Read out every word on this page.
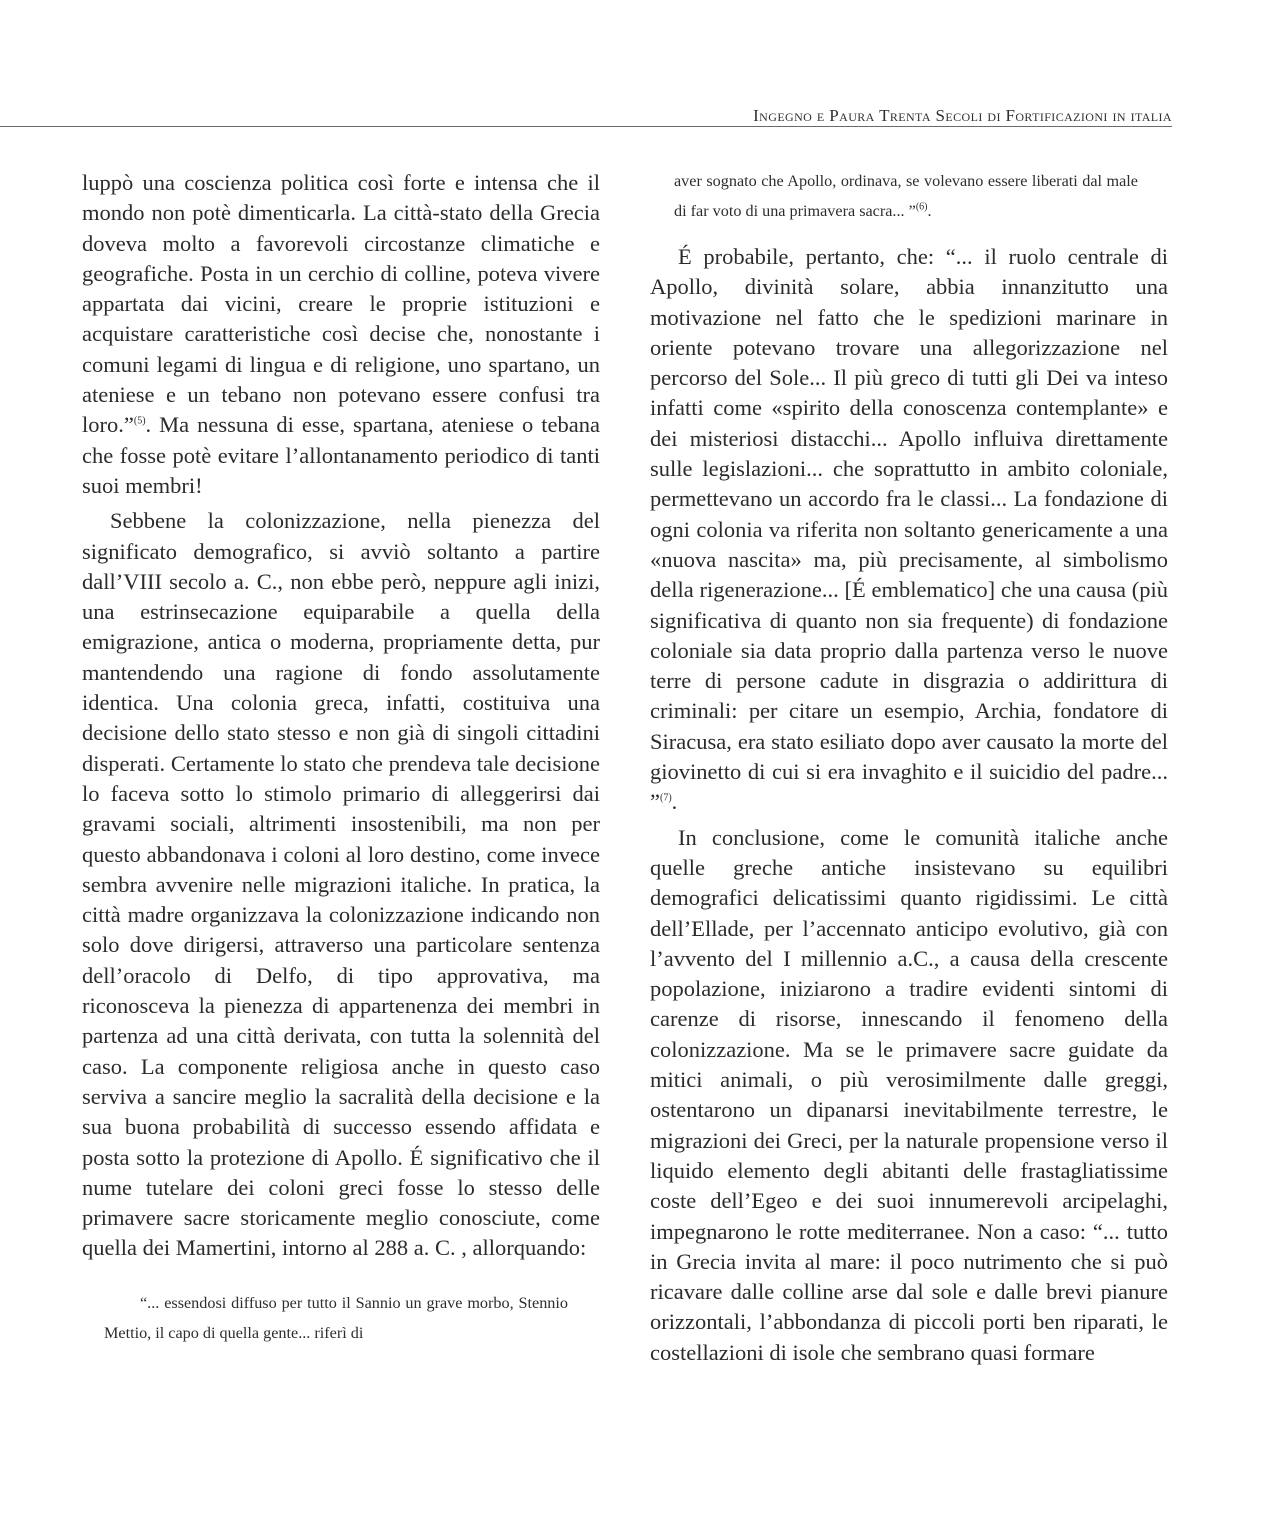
Ingegno e Paura Trenta Secoli di Fortificazioni in italia

luppò una coscienza politica così forte e intensa che il mondo non potè dimenticarla. La città-stato della Grecia doveva molto a favorevoli circostanze climatiche e geografiche. Posta in un cerchio di colline, poteva vivere appartata dai vicini, creare le proprie istituzioni e acquistare caratteristiche così decise che, nonostante i comuni legami di lingua e di religione, uno spartano, un ateniese e un tebano non potevano essere confusi tra loro.”$^{(5)}$. Ma nessuna di esse, spartana, ateniese o tebana che fosse potè evitare l’allontanamento periodico di tanti suoi membri!

Sebbene la colonizzazione, nella pienezza del significato demografico, si avviò soltanto a partire dall’VIII secolo a. C., non ebbe però, neppure agli inizi, una estrinsecazione equiparabile a quella della emigrazione, antica o moderna, propriamente detta, pur mantendendo una ragione di fondo assolutamente identica. Una colonia greca, infatti, costituiva una decisione dello stato stesso e non già di singoli cittadini disperati. Certamente lo stato che prendeva tale decisione lo faceva sotto lo stimolo primario di alleggerirsi dai gravami sociali, altrimenti insostenibili, ma non per questo abbandonava i coloni al loro destino, come invece sembra avvenire nelle migrazioni italiche. In pratica, la città madre organizzava la colonizzazione indicando non solo dove dirigersi, attraverso una particolare sentenza dell’oracolo di Delfo, di tipo approvativa, ma riconosceva la pienezza di appartenenza dei membri in partenza ad una città derivata, con tutta la solennità del caso. La componente religiosa anche in questo caso serviva a sancire meglio la sacralità della decisione e la sua buona probabilità di successo essendo affidata e posta sotto la protezione di Apollo. É significativo che il nume tutelare dei coloni greci fosse lo stesso delle primavere sacre storicamente meglio conosciute, come quella dei Mamertini, intorno al 288 a. C. , allorquando:

“... essendosi diffuso per tutto il Sannio un grave morbo, Stennio Mettio, il capo di quella gente... riferì di

aver sognato che Apollo, ordinava, se volevano essere liberati dal male di far voto di una primavera sacra... ”$^{(6)}$.

É probabile, pertanto, che: “... il ruolo centrale di Apollo, divinità solare, abbia innanzitutto una motivazione nel fatto che le spedizioni marinare in oriente potevano trovare una allegorizzazione nel percorso del Sole... Il più greco di tutti gli Dei va inteso infatti come «spirito della conoscenza contemplante» e dei misteriosi distacchi... Apollo influiva direttamente sulle legislazioni... che soprattutto in ambito coloniale, permettevano un accordo fra le classi... La fondazione di ogni colonia va riferita non soltanto genericamente a una «nuova nascita» ma, più precisamente, al simbolismo della rigenerazione... [É emblematico] che una causa (più significativa di quanto non sia frequente) di fondazione coloniale sia data proprio dalla partenza verso le nuove terre di persone cadute in disgrazia o addirittura di criminali: per citare un esempio, Archia, fondatore di Siracusa, era stato esiliato dopo aver causato la morte del giovinetto di cui si era invaghito e il suicidio del padre... ”$^{(7)}$.

In conclusione, come le comunità italiche anche quelle greche antiche insistevano su equilibri demografici delicatissimi quanto rigidissimi. Le città dell’Ellade, per l’accennato anticipo evolutivo, già con l’avvento del I millennio a.C., a causa della crescente popolazione, iniziarono a tradire evidenti sintomi di carenze di risorse, innescando il fenomeno della colonizzazione. Ma se le primavere sacre guidate da mitici animali, o più verosimilmente dalle greggi, ostentarono un dipanarsi inevitabilmente terrestre, le migrazioni dei Greci, per la naturale propensione verso il liquido elemento degli abitanti delle frastagliatissime coste dell’Egeo e dei suoi innumerevoli arcipelaghi, impegnarono le rotte mediterranee. Non a caso: “... tutto in Grecia invita al mare: il poco nutrimento che si può ricavare dalle colline arse dal sole e dalle brevi pianure orizzontali, l’abbondanza di piccoli porti ben riparati, le costellazioni di isole che sembrano quasi formare
